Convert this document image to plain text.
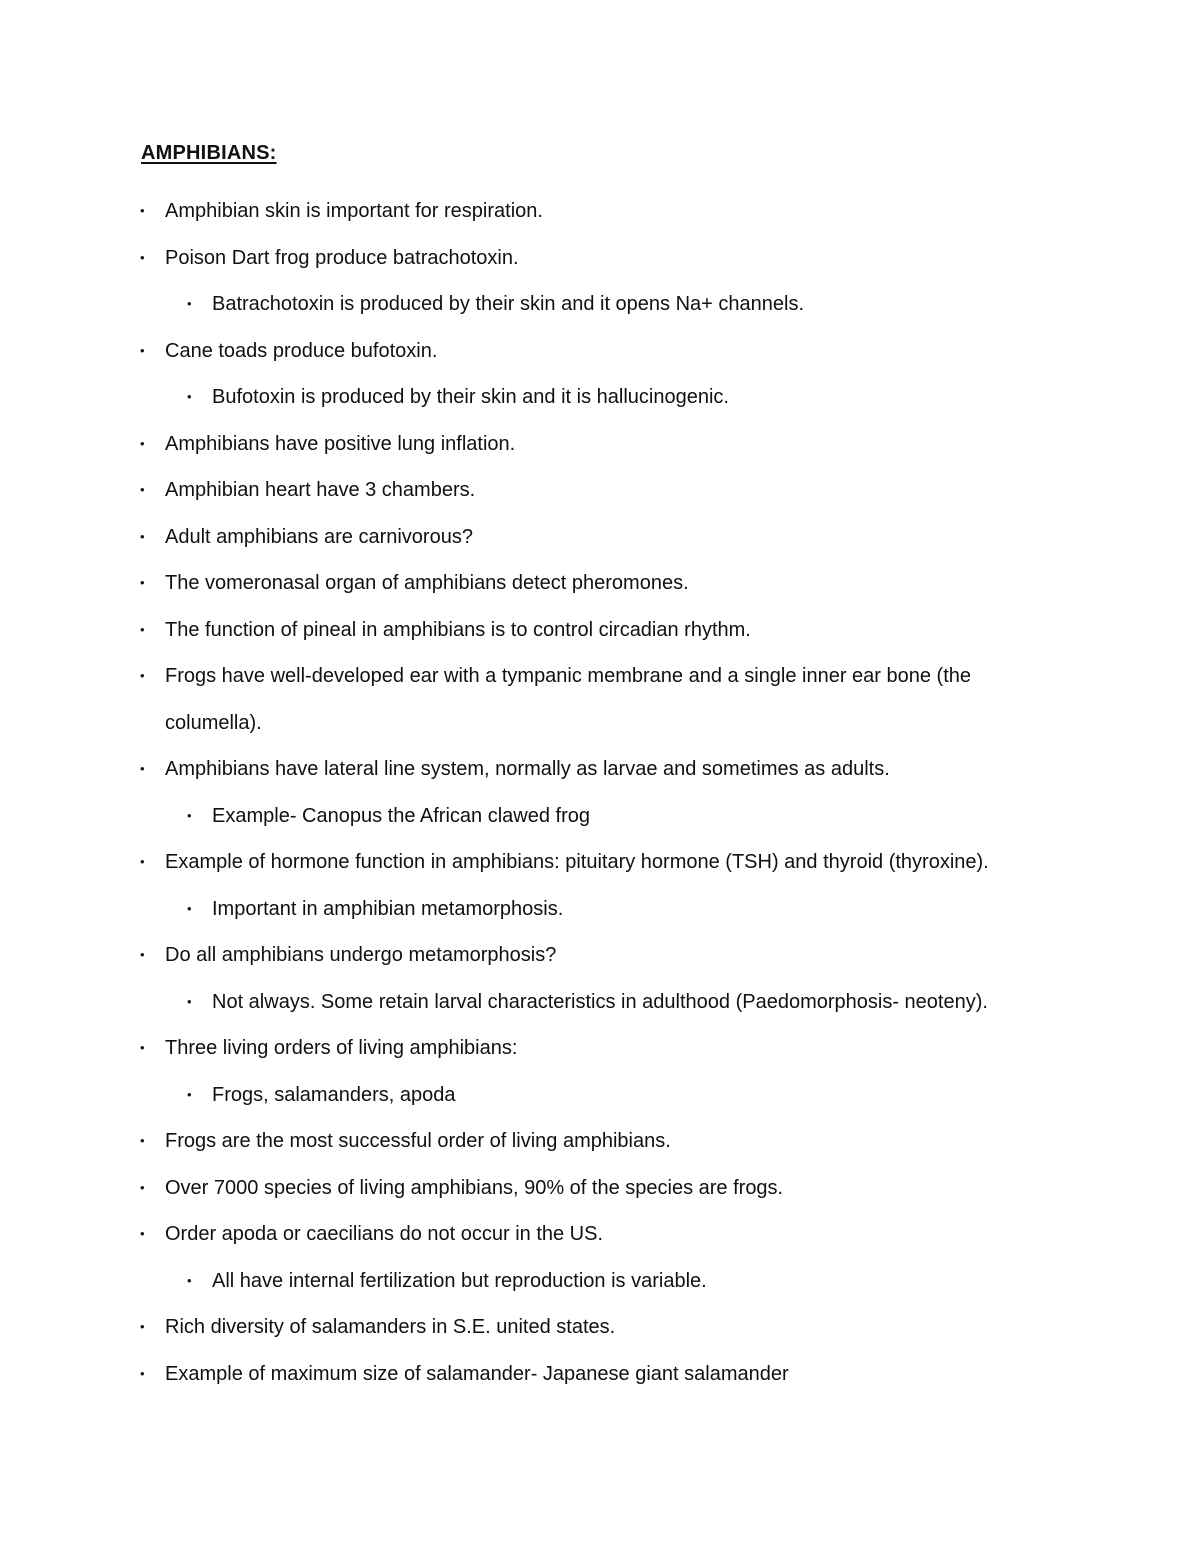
AMPHIBIANS:
• Amphibian skin is important for respiration.
• Poison Dart frog produce batrachotoxin.
• Batrachotoxin is produced by their skin and it opens Na+ channels.
• Cane toads produce bufotoxin.
• Bufotoxin is produced by their skin and it is hallucinogenic.
• Amphibians have positive lung inflation.
• Amphibian heart have 3 chambers.
• Adult amphibians are carnivorous?
• The vomeronasal organ of amphibians detect pheromones.
• The function of pineal in amphibians is to control circadian rhythm.
• Frogs have well-developed ear with a tympanic membrane and a single inner ear bone (the columella).
• Amphibians have lateral line system, normally as larvae and sometimes as adults.
• Example- Canopus the African clawed frog
• Example of hormone function in amphibians: pituitary hormone (TSH) and thyroid (thyroxine).
• Important in amphibian metamorphosis.
• Do all amphibians undergo metamorphosis?
• Not always. Some retain larval characteristics in adulthood (Paedomorphosis- neoteny).
• Three living orders of living amphibians:
• Frogs, salamanders, apoda
• Frogs are the most successful order of living amphibians.
• Over 7000 species of living amphibians, 90% of the species are frogs.
• Order apoda or caecilians do not occur in the US.
• All have internal fertilization but reproduction is variable.
• Rich diversity of salamanders in S.E. united states.
• Example of maximum size of salamander- Japanese giant salamander
